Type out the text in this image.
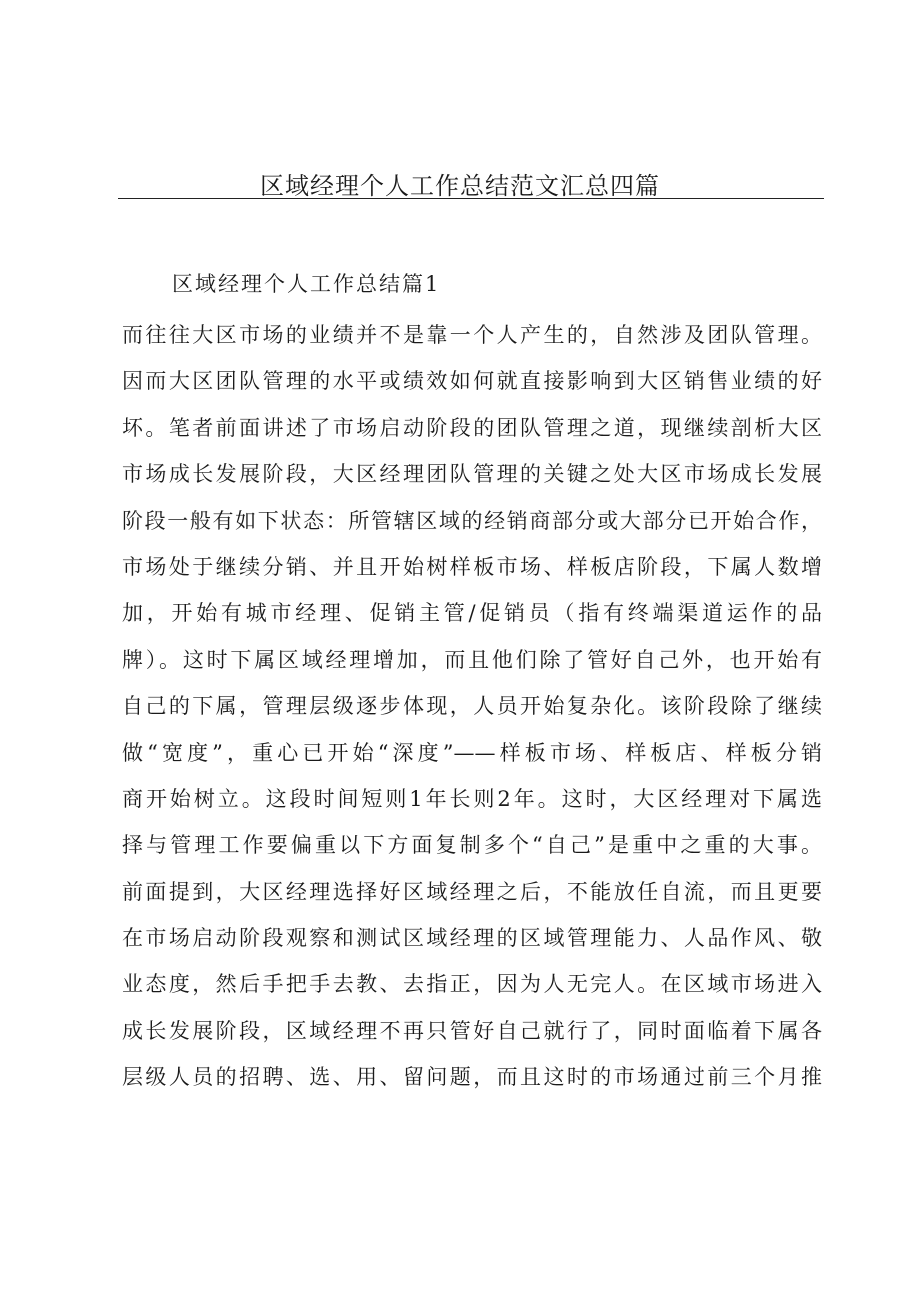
区域经理个人工作总结范文汇总四篇
区域经理个人工作总结篇1
而往往大区市场的业绩并不是靠一个人产生的，自然涉及团队管理。
因而大区团队管理的水平或绩效如何就直接影响到大区销售业绩的好
坏。笔者前面讲述了市场启动阶段的团队管理之道，现继续剖析大区
市场成长发展阶段，大区经理团队管理的关键之处大区市场成长发展
阶段一般有如下状态：所管辖区域的经销商部分或大部分已开始合作，
市场处于继续分销、并且开始树样板市场、样板店阶段，下属人数增
加，开始有城市经理、促销主管/促销员（指有终端渠道运作的品
牌）。这时下属区域经理增加，而且他们除了管好自己外，也开始有
自己的下属，管理层级逐步体现，人员开始复杂化。该阶段除了继续
做“宽度”，重心已开始“深度”——样板市场、样板店、样板分销
商开始树立。这段时间短则1年长则2年。这时，大区经理对下属选
择与管理工作要偏重以下方面复制多个“自己”是重中之重的大事。
前面提到，大区经理选择好区域经理之后，不能放任自流，而且更要
在市场启动阶段观察和测试区域经理的区域管理能力、人品作风、敬
业态度，然后手把手去教、去指正，因为人无完人。在区域市场进入
成长发展阶段，区域经理不再只管好自己就行了，同时面临着下属各
层级人员的招聘、选、用、留问题，而且这时的市场通过前三个月推
